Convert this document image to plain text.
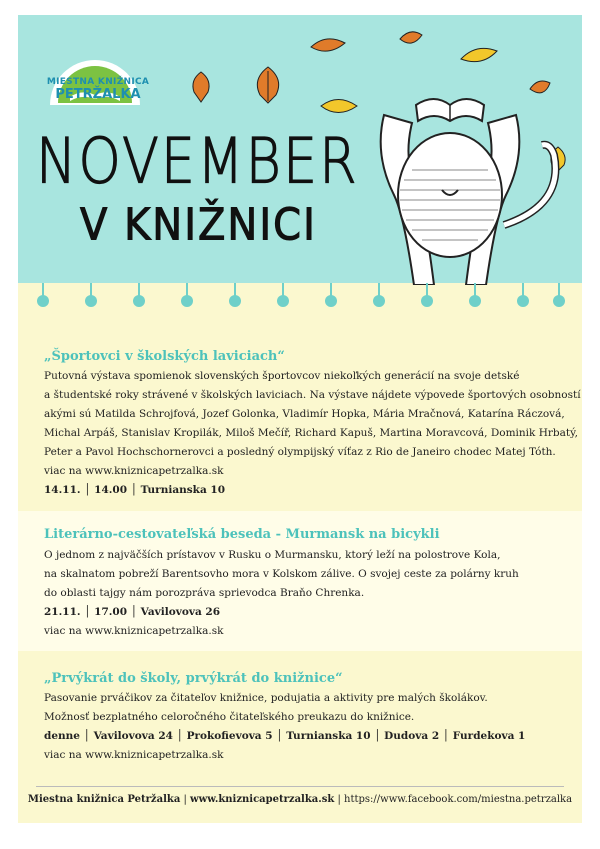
MIESTNA KNIŽNICA
PETRŽALKA
NOVEMBER
V KNIŽNICI
„Športovci v školských laviciach“

Putovná výstava spomienok slovenských športovcov niekoľkých generácií na svoje detské

a študentské roky strávené v školských laviciach. Na výstave nájdete výpovede športových osobností

akými sú Matilda Schrojfová, Jozef Golonka, Vladimír Hopka, Mária Mračnová, Katarína Ráczová,

Michal Arpáš, Stanislav Kropilák, Miloš Mečíř, Richard Kapuš, Martina Moravcová, Dominik Hrbatý,

Peter a Pavol Hochschornerovci a posledný olympijský víťaz z Rio de Janeiro chodec Matej Tóth.

viac na www.kniznicapetrzalka.sk

14.11. │ 14.00 │ Turnianska 10

Literárno-cestovateľská beseda - Murmansk na bicykli

O jednom z najväčších prístavov v Rusku o Murmansku, ktorý leží na polostrove Kola,

na skalnatom pobreží Barentsovho mora v Kolskom zálive. O svojej ceste za polárny kruh

do oblasti tajgy nám porozpráva sprievodca Braňo Chrenka.

21.11. │ 17.00 │ Vavilovova 26

viac na www.kniznicapetrzalka.sk

„Prvýkrát do školy, prvýkrát do knižnice“

Pasovanie prváčikov za čitateľov knižnice, podujatia a aktivity pre malých školákov.

Možnosť bezplatného celoročného čitateľského preukazu do knižnice.

denne │ Vavilovova 24 │ Prokofievova 5 │ Turnianska 10 │ Dudova 2 │ Furdekova 1

viac na www.kniznicapetrzalka.sk

Miestna knižnica Petržalka | www.kniznicapetrzalka.sk | https://www.facebook.com/miestna.petrzalka
